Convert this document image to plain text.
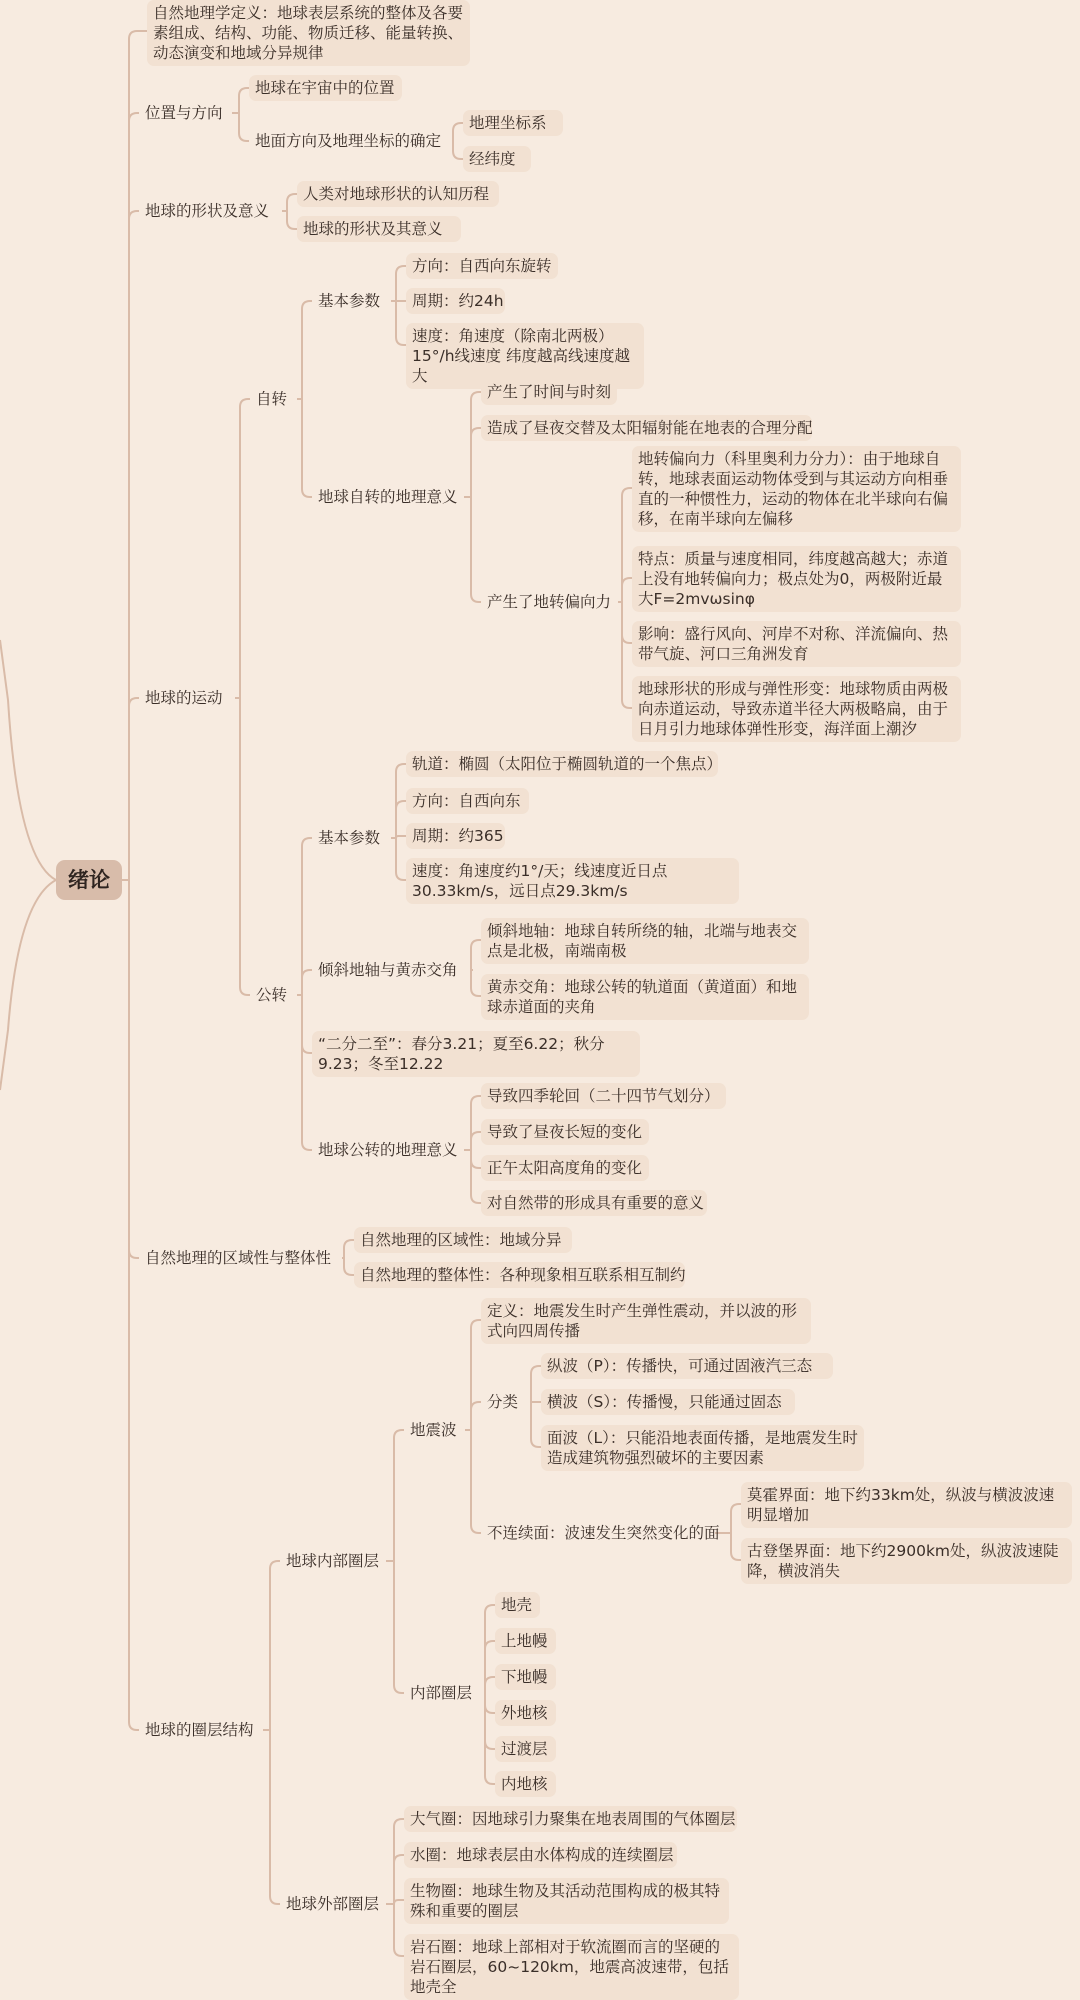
绪论
自然地理学定义：地球表层系统的整体及各要素组成、结构、功能、物质迁移、能量转换、动态演变和地域分异规律
位置与方向
地球在宇宙中的位置
地面方向及地理坐标的确定
地理坐标系
经纬度
地球的形状及意义
人类对地球形状的认知历程
地球的形状及其意义
地球的运动
自转
基本参数
方向：自西向东旋转
周期：约24h
速度：角速度（除南北两极）15°/h线速度 纬度越高线速度越大
地球自转的地理意义
产生了时间与时刻
造成了昼夜交替及太阳辐射能在地表的合理分配
产生了地转偏向力
地转偏向力（科里奥利力分力）：由于地球自转，地球表面运动物体受到与其运动方向相垂直的一种惯性力，运动的物体在北半球向右偏移，在南半球向左偏移
特点：质量与速度相同，纬度越高越大；赤道上没有地转偏向力；极点处为0，两极附近最大F=2mvωsinφ
影响：盛行风向、河岸不对称、洋流偏向、热带气旋、河口三角洲发育
地球形状的形成与弹性形变：地球物质由两极向赤道运动，导致赤道半径大两极略扁，由于日月引力地球体弹性形变，海洋面上潮汐
公转
基本参数
轨道：椭圆（太阳位于椭圆轨道的一个焦点）
方向：自西向东
周期：约365
速度：角速度约1°/天；线速度近日点30.33km/s，远日点29.3km/s
倾斜地轴与黄赤交角
倾斜地轴：地球自转所绕的轴，北端与地表交点是北极，南端南极
黄赤交角：地球公转的轨道面（黄道面）和地球赤道面的夹角
“二分二至”：春分3.21；夏至6.22；秋分9.23；冬至12.22
地球公转的地理意义
导致四季轮回（二十四节气划分）
导致了昼夜长短的变化
正午太阳高度角的变化
对自然带的形成具有重要的意义
自然地理的区域性与整体性
自然地理的区域性：地域分异
自然地理的整体性：各种现象相互联系相互制约
地球的圈层结构
地球内部圈层
地震波
定义：地震发生时产生弹性震动，并以波的形式向四周传播
分类
纵波（P）：传播快，可通过固液汽三态
横波（S）：传播慢，只能通过固态
面波（L）：只能沿地表面传播，是地震发生时造成建筑物强烈破坏的主要因素
不连续面：波速发生突然变化的面
莫霍界面：地下约33km处，纵波与横波波速明显增加
古登堡界面：地下约2900km处，纵波波速陡降，横波消失
内部圈层
地壳
上地幔
下地幔
外地核
过渡层
内地核
地球外部圈层
大气圈：因地球引力聚集在地表周围的气体圈层
水圈：地球表层由水体构成的连续圈层
生物圈：地球生物及其活动范围构成的极其特殊和重要的圈层
岩石圈：地球上部相对于软流圈而言的坚硬的岩石圈层，60~120km，地震高波速带，包括地壳全
